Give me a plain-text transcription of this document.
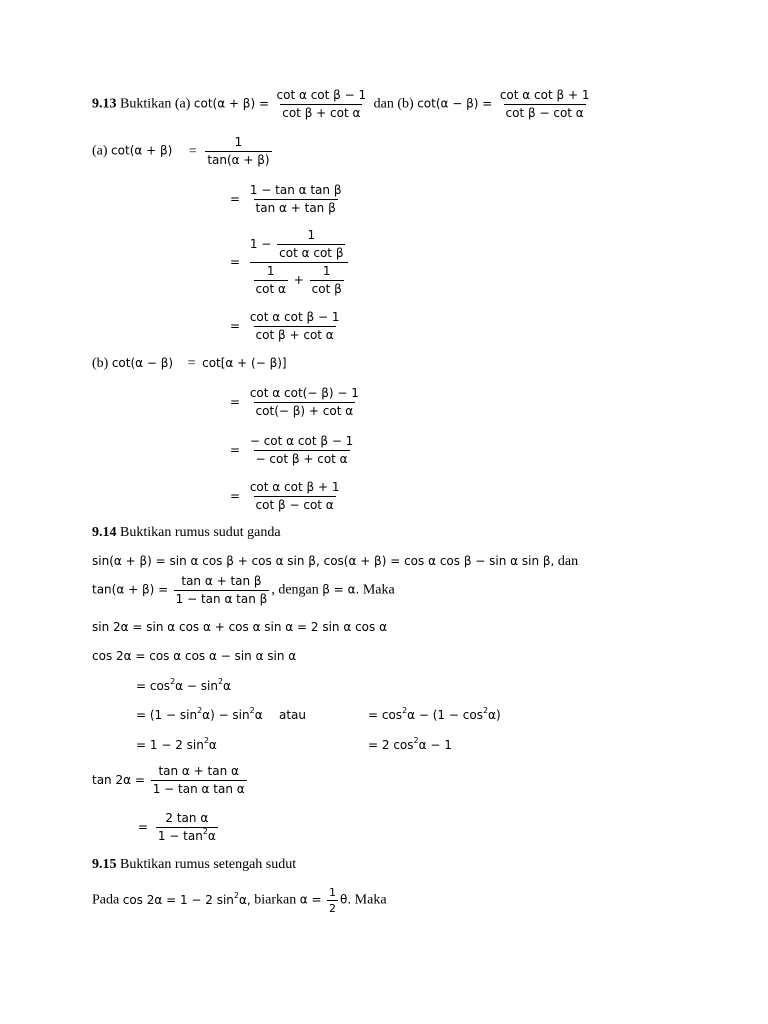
9.13 Buktikan (a) $\cot(\alpha + \beta) = \frac{\text{cot α cot β − 1}}{\text{cot β + cot α}}$ dan (b) $\cot(\alpha - \beta) = \frac{\text{cot α cot β + 1}}{\text{cot β − cot α}}$
(a) $\cot(\alpha + \beta) = \frac{1}{\tan(\alpha + \beta)}$
= $\frac{\text{1 − tan α tan β}}{\text{tan α + tan β}}$
=
$1 - \frac{1}{\text{cot α cot β}}$
$\frac{1}{\text{cot α}} + \frac{1}{\text{cot β}}$
= $\frac{\text{cot α cot β − 1}}{\text{cot β + cot α}}$
(b) cot(α − β) = cot[α + (− β)]
= $\frac{\text{cot α cot(− β) − 1}}{\text{cot(− β) + cot α}}$
= $\frac{\text{− cot α cot β − 1}}{\text{− cot β + cot α}}$
= $\frac{\text{cot α cot β + 1}}{\text{cot β − cot α}}$
9.14 Buktikan rumus sudut ganda
sin(α + β) = sin α cos β + cos α sin β, cos(α + β) = cos α cos β − sin α sin β, dan
$\tan(\alpha + \beta) = \frac{\text{tan α + tan β}}{\text{1 − tan α tan β}}$ , dengan β = α. Maka
sin 2α = sin α cos α + cos α sin α = 2 sin α cos α
cos 2α = cos α cos α − sin α sin α
= $\cos^2\alpha - \sin^2\alpha$
= $(1 - \sin^2\alpha) - \sin^2\alpha$ atau	= $\cos^2\alpha - (1 - \cos^2\alpha)$
= 1 − 2 $\sin^2\alpha$	= 2 $\cos^2\alpha - 1$
$\tan 2\alpha = \frac{\text{tan α + tan α}}{\text{1 − tan α tan α}}$
= $\frac{\text{2 tan α}}{1 - \tan^2\alpha}$
9.15 Buktikan rumus setengah sudut
Pada cos 2α = 1 − 2 $\sin^2\alpha$, biarkan $\alpha = \frac{1}{2} \theta$. Maka
